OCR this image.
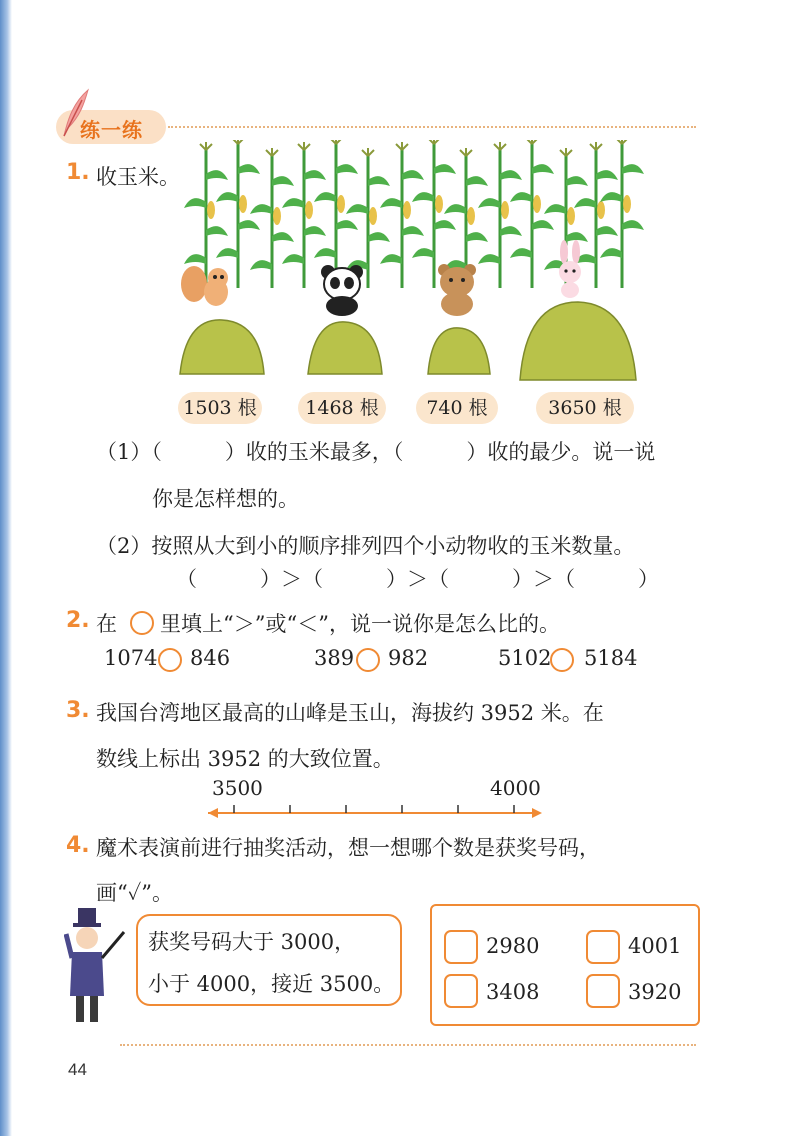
练一练
1. 收玉米。
1503 根	1468 根	740 根	3650 根
（1）（　　　）收的玉米最多，（　　　）收的最少。说一说
你是怎样想的。
（2）按照从大到小的顺序排列四个小动物收的玉米数量。
（　　　）＞（　　　）＞（　　　）＞（　　　）
2. 在 里填上“＞”或“＜”，说一说你是怎么比的。
1074 846	389 982	5102 5184
3. 我国台湾地区最高的山峰是玉山，海拔约 3952 米。在
数线上标出 3952 的大致位置。
3500	4000
4. 魔术表演前进行抽奖活动，想一想哪个数是获奖号码，
画“✓”。
获奖号码大于 3000，
小于 4000，接近 3500。
2980	4001
3408	3920
44
